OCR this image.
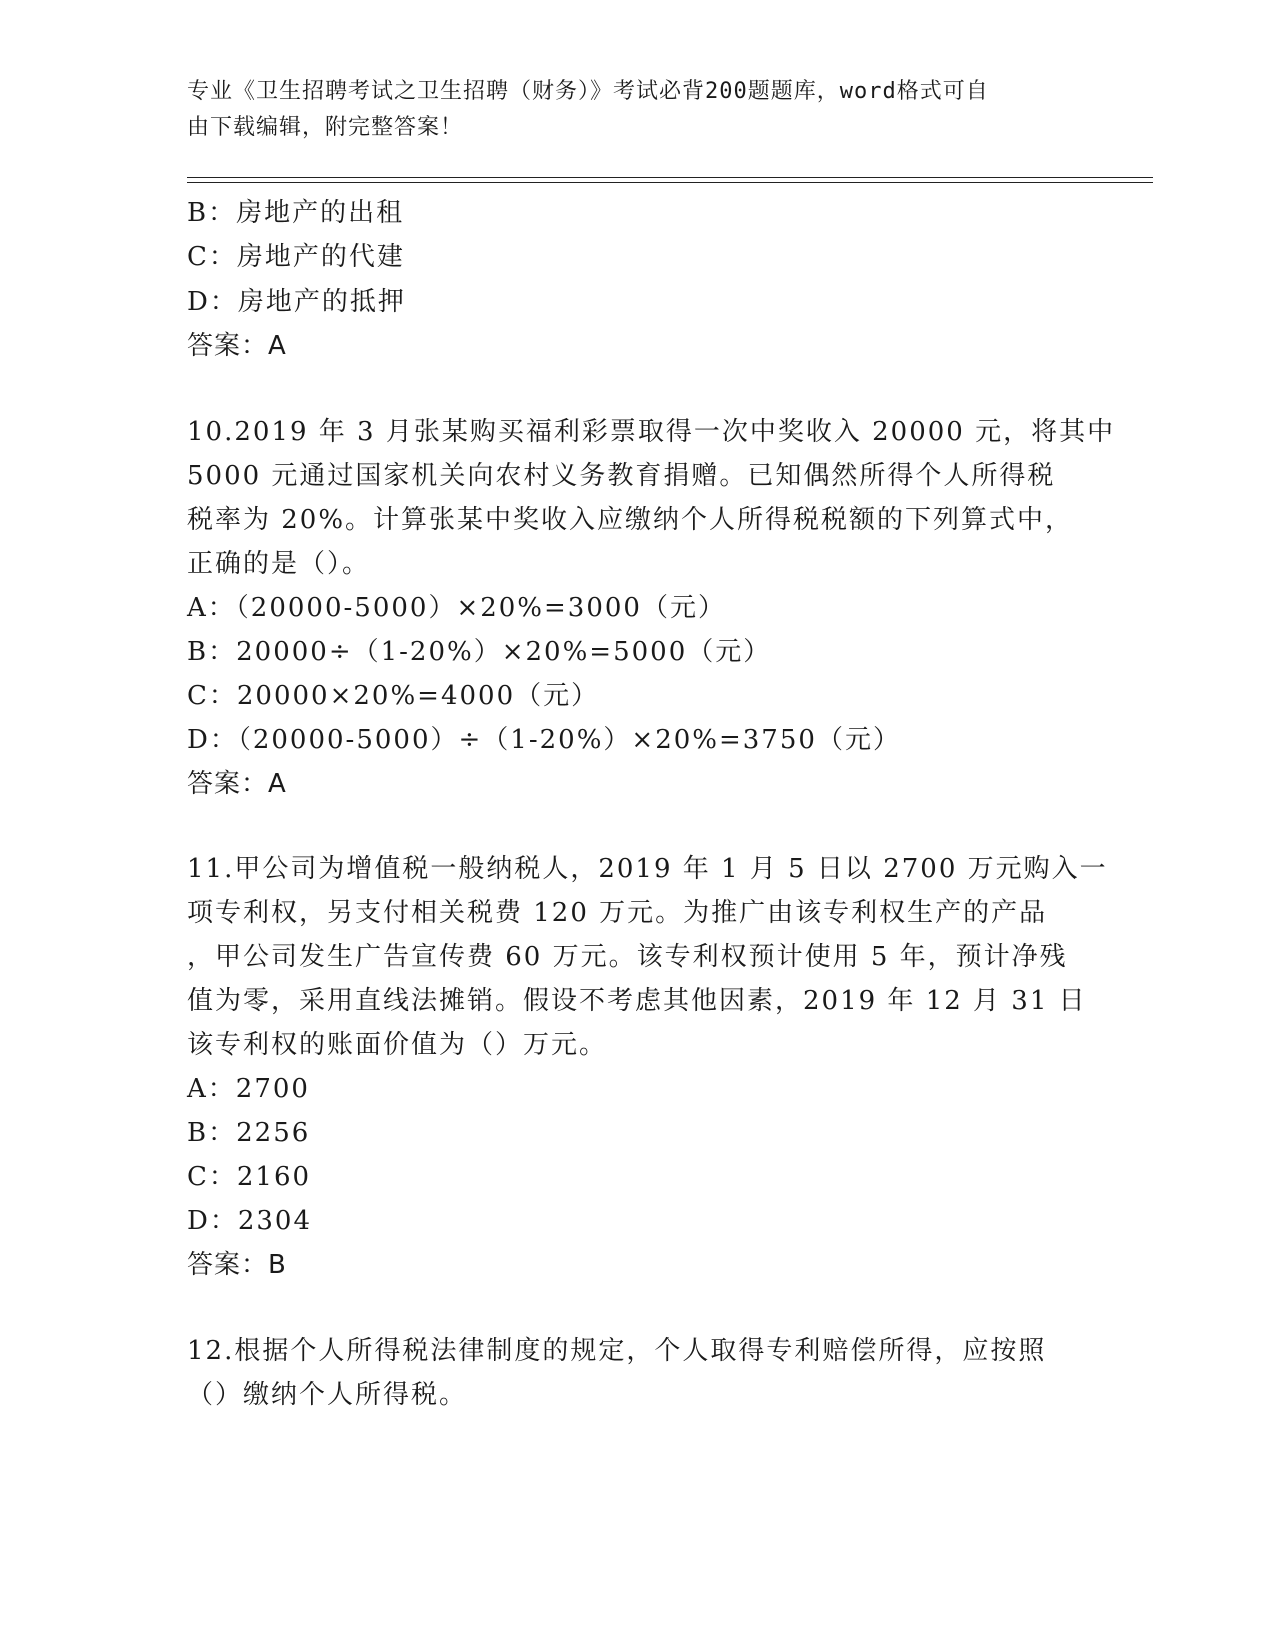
专业《卫生招聘考试之卫生招聘（财务）》考试必背200题题库，word格式可自
由下载编辑，附完整答案！
B：房地产的出租
C：房地产的代建
D：房地产的抵押
答案：A
10.2019 年 3 月张某购买福利彩票取得一次中奖收入 20000 元，将其中
5000 元通过国家机关向农村义务教育捐赠。已知偶然所得个人所得税
税率为 20%。计算张某中奖收入应缴纳个人所得税税额的下列算式中，
正确的是（）。
A：（20000-5000）×20%=3000（元）
B：20000÷（1-20%）×20%=5000（元）
C：20000×20%=4000（元）
D：（20000-5000）÷（1-20%）×20%=3750（元）
答案：A
11.甲公司为增值税一般纳税人，2019 年 1 月 5 日以 2700 万元购入一
项专利权，另支付相关税费 120 万元。为推广由该专利权生产的产品
，甲公司发生广告宣传费 60 万元。该专利权预计使用 5 年，预计净残
值为零，采用直线法摊销。假设不考虑其他因素，2019 年 12 月 31 日
该专利权的账面价值为（）万元。
A：2700
B：2256
C：2160
D：2304
答案：B
12.根据个人所得税法律制度的规定，个人取得专利赔偿所得，应按照
（）缴纳个人所得税。
